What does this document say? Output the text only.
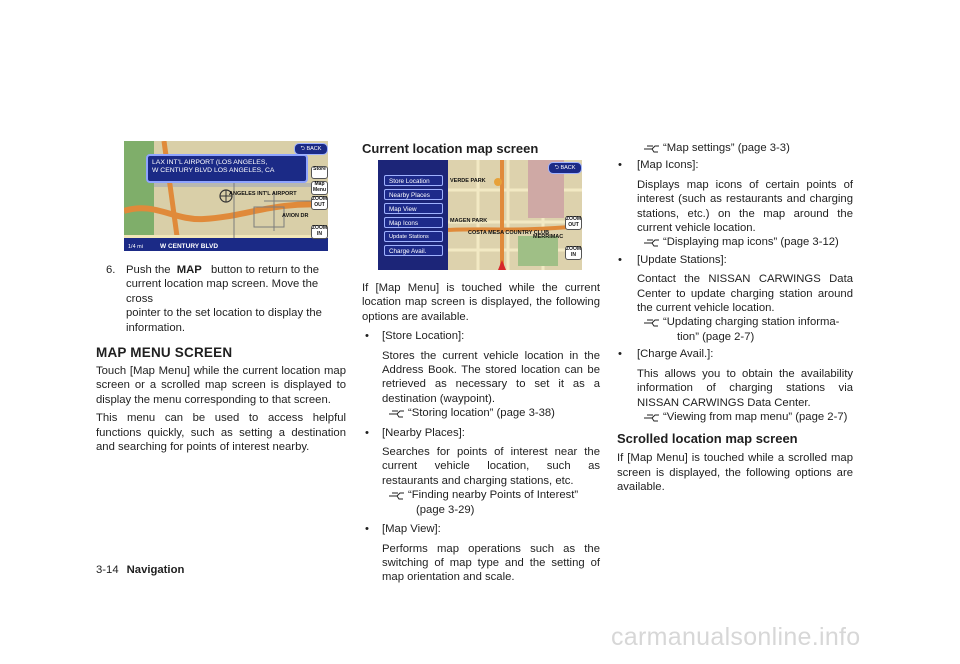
LAX INT'L AIRPORT (LOS ANGELES,
W CENTURY BLVD LOS ANGELES, CA
⮌ BACK
ANGELES INT'L AIRPORT
AVION DR
Store
Map Menu
ZOOM OUT
ZOOM IN
1/4 mi	W CENTURY BLVD
6. Push the MAP button to return to the
current location map screen. Move the cross
pointer to the set location to display the
information.
MAP MENU SCREEN

Touch [Map Menu] while the current location map screen or a scrolled map screen is displayed to display the menu corresponding to that screen.

This menu can be used to access helpful functions quickly, such as setting a destination and searching for points of interest nearby.

Current location map screen
Store Location
Nearby Places
Map View
Map Icons
Update Stations
Charge Avail.
VERDE PARK
MAGEN PARK
COSTA MESA COUNTRY CLUB
MERRIMAC
⮌ BACK
ZOOM OUT
ZOOM IN

If [Map Menu] is touched while the current location map screen is displayed, the following options are available.

• [Store Location]:

Stores the current vehicle location in the Address Book. The stored location can be retrieved as necessary to set it as a destination (waypoint).

“Storing location” (page 3-38)
• [Nearby Places]:

Searches for points of interest near the current vehicle location, such as restaurants and charging stations, etc.

“Finding nearby Points of Interest”
(page 3-29)
• [Map View]:

Performs map operations such as the switching of map type and the setting of map orientation and scale.

“Map settings” (page 3-3)
• [Map Icons]:

Displays map icons of certain points of interest (such as restaurants and charging stations, etc.) on the map around the current vehicle location.

“Displaying map icons” (page 3-12)
• [Update Stations]:

Contact the NISSAN CARWINGS Data Center to update charging station around the current vehicle location.

“Updating charging station informa-
tion” (page 2-7)
• [Charge Avail.]:

This allows you to obtain the availability information of charging stations via NISSAN CARWINGS Data Center.

“Viewing from map menu” (page 2-7)
Scrolled location map screen

If [Map Menu] is touched while a scrolled map screen is displayed, the following options are available.

3-14 Navigation
carmanualsonline.info
